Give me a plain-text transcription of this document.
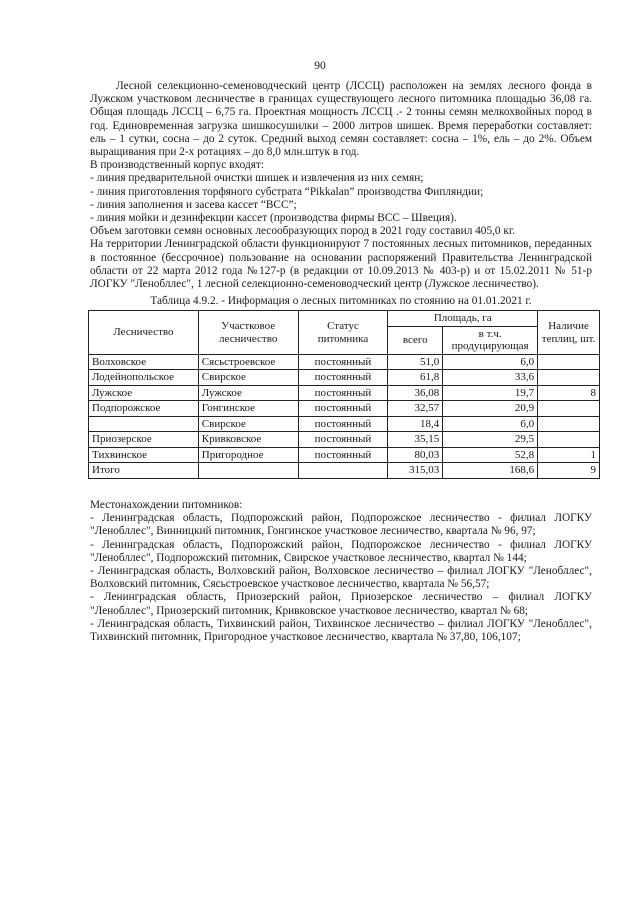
90

Лесной селекционно-семеноводческий центр (ЛССЦ) расположен на землях лесного фонда в Лужском участковом лесничестве в границах существующего лесного питомника площадью 36,08 га. Общая площадь ЛССЦ – 6,75 га. Проектная мощность ЛССЦ .- 2 тонны семян мелкохвойных пород в год. Единовременная загрузка шишкосушилки – 2000 литров шишек. Время переработки составляет: ель – 1 сутки, сосна – до 2 суток. Средний выход семян составляет: сосна – 1%, ель – до 2%. Объем выращивания при 2-х ротациях – до 8,0 млн.штук в год.

В производственный корпус входят:

- линия предварительной очистки шишек и извлечения из них семян;

- линия приготовления торфяного субстрата “Pikkalan” производства Фипляндии;

- линия заполнения и засева кассет “ВСС”;

- линия мойки и дезинфекции кассет (производства фирмы ВСС – Швеция).

Объем заготовки семян основных лесообразующих пород в 2021 году составил 405,0 кг.

На территории Ленинградской области функционируют 7 постоянных лесных питомников, переданных в постоянное (бессрочное) пользование на основании распоряжений Правительства Ленинградской области от 22 марта 2012 года №127-р (в редакции от 10.09.2013 № 403-р) и от 15.02.2011 № 51-р ЛОГКУ "Ленобллес", 1 лесной селекционно-семеноводческий центр (Лужское лесничество).

Таблица 4.9.2. - Информация о лесных питомниках по стоянию на 01.01.2021 г.
Лесничество	Участковое лесничество	Статус питомника	Площадь, га		Наличие теплиц, шт.
			всего	в т.ч. продуцирующая	
Волховское	Сясьстроевское	постоянный	51,0	6,0	
Лодейнопольское	Свирское	постоянный	61,8	33,6	
Лужское	Лужское	постоянный	36,08	19,7	8
Подпорожское	Гонгинское	постоянный	32,57	20,9	
	Свирское	постоянный	18,4	6,0	
Приозерское	Кривковское	постоянный	35,15	29,5	
Тихвинское	Пригородное	постоянный	80,03	52,8	1
Итого			315,03	168,6	9

Местонахождении питомников:

- Ленинградская область, Подпорожский район, Подпорожское лесничество - филиал ЛОГКУ "Ленобллес", Винницкий питомник, Гонгинское участковое лесничество, квартала № 96, 97;

- Ленинградская область, Подпорожский район, Подпорожское лесничество - филиал ЛОГКУ "Ленобллес", Подпорожский питомник, Свирское участковое лесничество, квартал № 144;

- Ленинградская область, Волховский район, Волховское лесничество – филиал ЛОГКУ "Ленобллес", Волховский питомник, Сясьстроевское участковое лесничество, квартала № 56,57;

- Ленинградская область, Приозерский район, Приозерское лесничество – филиал ЛОГКУ "Ленобллес", Приозерский питомник, Кривковское участковое лесничество, квартал № 68;

- Ленинградская область, Тихвинский район, Тихвинское лесничество – филиал ЛОГКУ "Ленобллес", Тихвинский питомник, Пригородное участковое лесничество, квартала № 37,80, 106,107;
